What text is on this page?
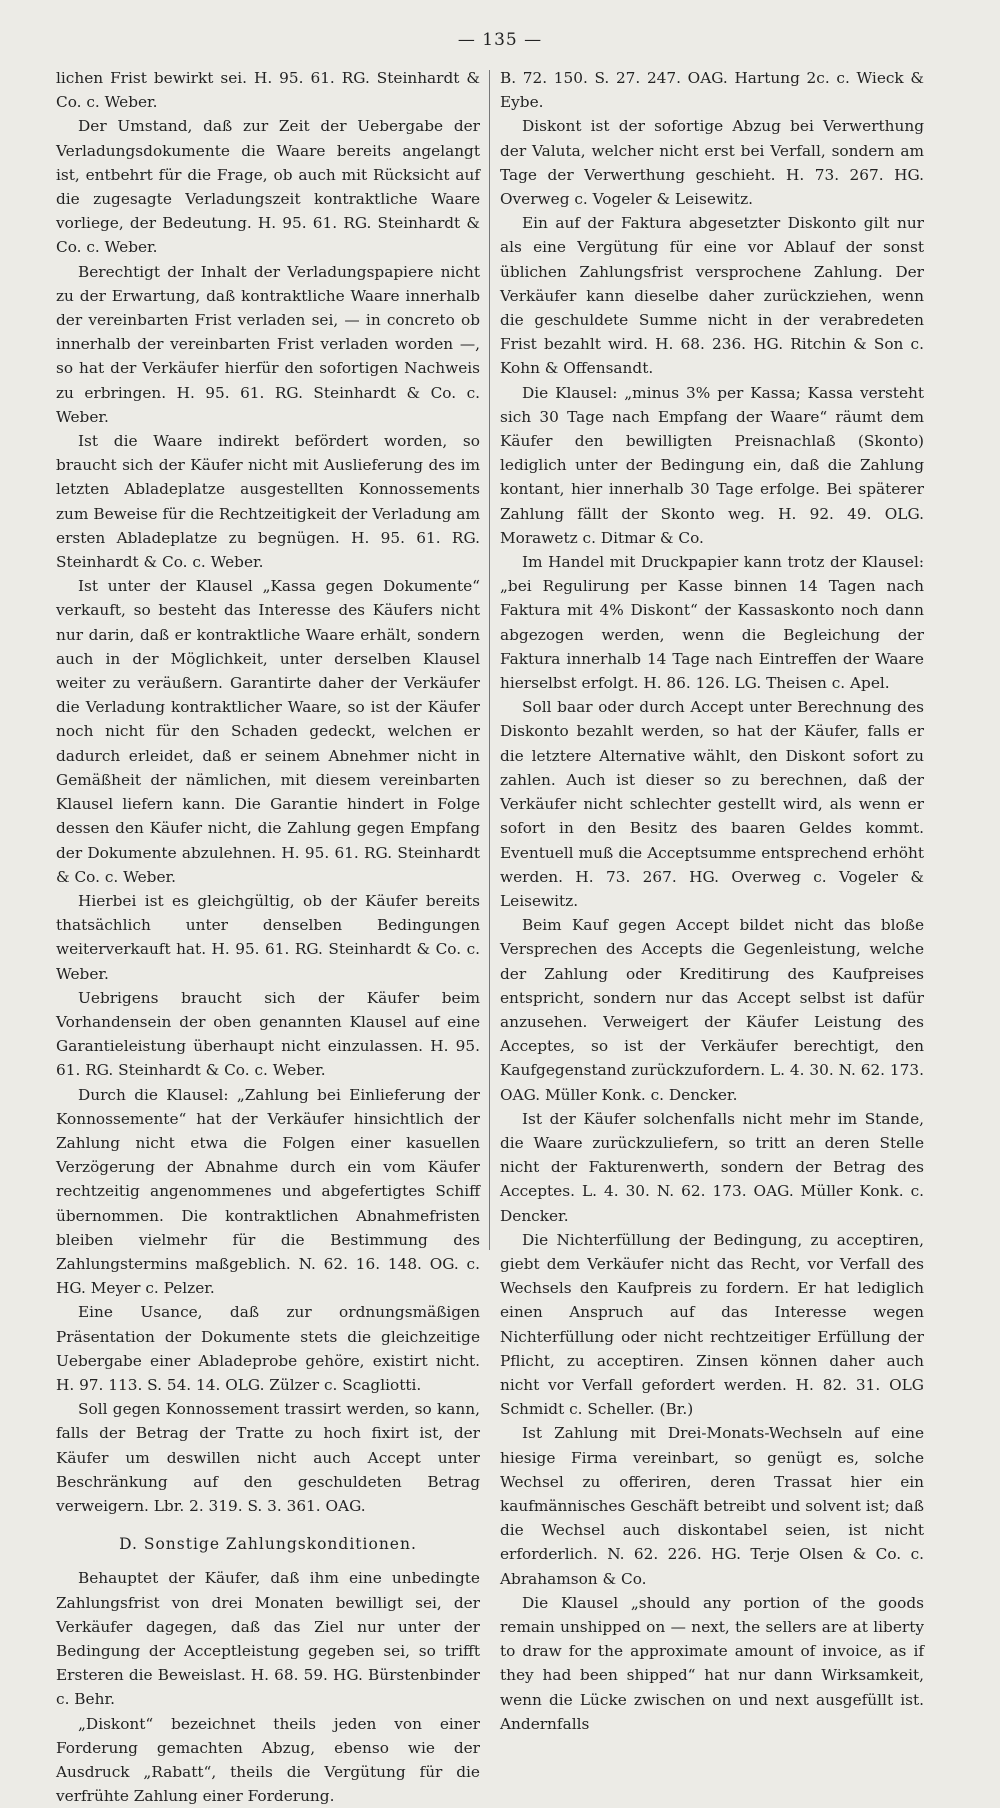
— 135 —

lichen Frist bewirkt sei. H. 95. 61. RG. Steinhardt & Co. c. Weber.

Der Umstand, daß zur Zeit der Uebergabe der Verladungsdokumente die Waare bereits angelangt ist, entbehrt für die Frage, ob auch mit Rücksicht auf die zugesagte Verladungszeit kontraktliche Waare vorliege, der Bedeutung. H. 95. 61. RG. Steinhardt & Co. c. Weber.

Berechtigt der Inhalt der Verladungspapiere nicht zu der Erwartung, daß kontraktliche Waare innerhalb der vereinbarten Frist verladen sei, — in concreto ob innerhalb der vereinbarten Frist verladen worden —, so hat der Verkäufer hierfür den sofortigen Nachweis zu erbringen. H. 95. 61. RG. Steinhardt & Co. c. Weber.

Ist die Waare indirekt befördert worden, so braucht sich der Käufer nicht mit Auslieferung des im letzten Abladeplatze ausgestellten Konnossements zum Beweise für die Rechtzeitigkeit der Verladung am ersten Abladeplatze zu begnügen. H. 95. 61. RG. Steinhardt & Co. c. Weber.

Ist unter der Klausel „Kassa gegen Dokumente“ verkauft, so besteht das Interesse des Käufers nicht nur darin, daß er kontraktliche Waare erhält, sondern auch in der Möglichkeit, unter derselben Klausel weiter zu veräußern. Garantirte daher der Verkäufer die Verladung kontraktlicher Waare, so ist der Käufer noch nicht für den Schaden gedeckt, welchen er dadurch erleidet, daß er seinem Abnehmer nicht in Gemäßheit der nämlichen, mit diesem vereinbarten Klausel liefern kann. Die Garantie hindert in Folge dessen den Käufer nicht, die Zahlung gegen Empfang der Dokumente abzulehnen. H. 95. 61. RG. Steinhardt & Co. c. Weber.

Hierbei ist es gleichgültig, ob der Käufer bereits thatsächlich unter denselben Bedingungen weiterverkauft hat. H. 95. 61. RG. Steinhardt & Co. c. Weber.

Uebrigens braucht sich der Käufer beim Vorhandensein der oben genannten Klausel auf eine Garantieleistung überhaupt nicht einzulassen. H. 95. 61. RG. Steinhardt & Co. c. Weber.

Durch die Klausel: „Zahlung bei Einlieferung der Konnossemente“ hat der Verkäufer hinsichtlich der Zahlung nicht etwa die Folgen einer kasuellen Verzögerung der Abnahme durch ein vom Käufer rechtzeitig angenommenes und abgefertigtes Schiff übernommen. Die kontraktlichen Abnahmefristen bleiben vielmehr für die Bestimmung des Zahlungstermins maßgeblich. N. 62. 16. 148. OG. c. HG. Meyer c. Pelzer.

Eine Usance, daß zur ordnungsmäßigen Präsentation der Dokumente stets die gleichzeitige Uebergabe einer Abladeprobe gehöre, existirt nicht. H. 97. 113. S. 54. 14. OLG. Zülzer c. Scagliotti.

Soll gegen Konnossement trassirt werden, so kann, falls der Betrag der Tratte zu hoch fixirt ist, der Käufer um deswillen nicht auch Accept unter Beschränkung auf den geschuldeten Betrag verweigern. Lbr. 2. 319. S. 3. 361. OAG.

D. Sonstige Zahlungskonditionen.

Behauptet der Käufer, daß ihm eine unbedingte Zahlungsfrist von drei Monaten bewilligt sei, der Verkäufer dagegen, daß das Ziel nur unter der Bedingung der Acceptleistung gegeben sei, so trifft Ersteren die Beweislast. H. 68. 59. HG. Bürstenbinder c. Behr.

„Diskont“ bezeichnet theils jeden von einer Forderung gemachten Abzug, ebenso wie der Ausdruck „Rabatt“, theils die Vergütung für die verfrühte Zahlung einer Forderung.

B. 72. 150. S. 27. 247. OAG. Hartung 2c. c. Wieck & Eybe.

Diskont ist der sofortige Abzug bei Verwerthung der Valuta, welcher nicht erst bei Verfall, sondern am Tage der Verwerthung geschieht. H. 73. 267. HG. Overweg c. Vogeler & Leisewitz.

Ein auf der Faktura abgesetzter Diskonto gilt nur als eine Vergütung für eine vor Ablauf der sonst üblichen Zahlungsfrist versprochene Zahlung. Der Verkäufer kann dieselbe daher zurückziehen, wenn die geschuldete Summe nicht in der verabredeten Frist bezahlt wird. H. 68. 236. HG. Ritchin & Son c. Kohn & Offensandt.

Die Klausel: „minus 3% per Kassa; Kassa versteht sich 30 Tage nach Empfang der Waare“ räumt dem Käufer den bewilligten Preisnachlaß (Skonto) lediglich unter der Bedingung ein, daß die Zahlung kontant, hier innerhalb 30 Tage erfolge. Bei späterer Zahlung fällt der Skonto weg. H. 92. 49. OLG. Morawetz c. Ditmar & Co.

Im Handel mit Druckpapier kann trotz der Klausel: „bei Regulirung per Kasse binnen 14 Tagen nach Faktura mit 4% Diskont“ der Kassaskonto noch dann abgezogen werden, wenn die Begleichung der Faktura innerhalb 14 Tage nach Eintreffen der Waare hierselbst erfolgt. H. 86. 126. LG. Theisen c. Apel.

Soll baar oder durch Accept unter Berechnung des Diskonto bezahlt werden, so hat der Käufer, falls er die letztere Alternative wählt, den Diskont sofort zu zahlen. Auch ist dieser so zu berechnen, daß der Verkäufer nicht schlechter gestellt wird, als wenn er sofort in den Besitz des baaren Geldes kommt. Eventuell muß die Acceptsumme entsprechend erhöht werden. H. 73. 267. HG. Overweg c. Vogeler & Leisewitz.

Beim Kauf gegen Accept bildet nicht das bloße Versprechen des Accepts die Gegenleistung, welche der Zahlung oder Kreditirung des Kaufpreises entspricht, sondern nur das Accept selbst ist dafür anzusehen. Verweigert der Käufer Leistung des Acceptes, so ist der Verkäufer berechtigt, den Kaufgegenstand zurückzufordern. L. 4. 30. N. 62. 173. OAG. Müller Konk. c. Dencker.

Ist der Käufer solchenfalls nicht mehr im Stande, die Waare zurückzuliefern, so tritt an deren Stelle nicht der Fakturenwerth, sondern der Betrag des Acceptes. L. 4. 30. N. 62. 173. OAG. Müller Konk. c. Dencker.

Die Nichterfüllung der Bedingung, zu acceptiren, giebt dem Verkäufer nicht das Recht, vor Verfall des Wechsels den Kaufpreis zu fordern. Er hat lediglich einen Anspruch auf das Interesse wegen Nichterfüllung oder nicht rechtzeitiger Erfüllung der Pflicht, zu acceptiren. Zinsen können daher auch nicht vor Verfall gefordert werden. H. 82. 31. OLG Schmidt c. Scheller. (Br.)

Ist Zahlung mit Drei-Monats-Wechseln auf eine hiesige Firma vereinbart, so genügt es, solche Wechsel zu offeriren, deren Trassat hier ein kaufmännisches Geschäft betreibt und solvent ist; daß die Wechsel auch diskontabel seien, ist nicht erforderlich. N. 62. 226. HG. Terje Olsen & Co. c. Abrahamson & Co.

Die Klausel „should any portion of the goods remain unshipped on — next, the sellers are at liberty to draw for the approximate amount of invoice, as if they had been shipped“ hat nur dann Wirksamkeit, wenn die Lücke zwischen on und next ausgefüllt ist. Andernfalls
